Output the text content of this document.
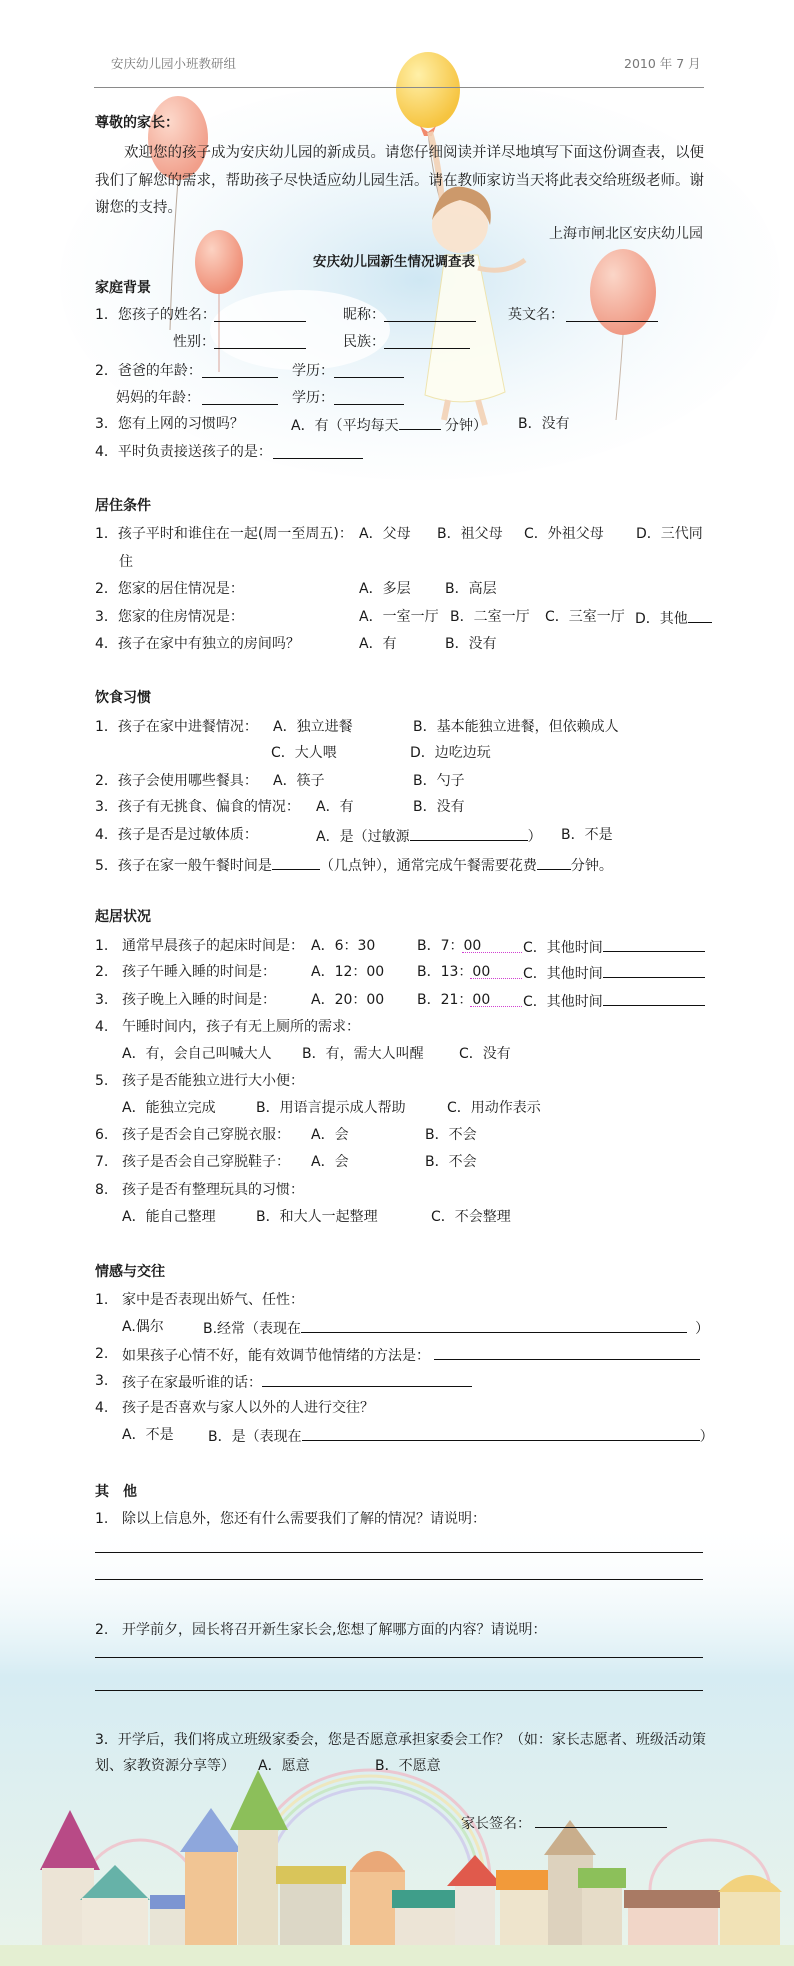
安庆幼儿园小班教研组	2010 年 7 月
尊敬的家长：
欢迎您的孩子成为安庆幼儿园的新成员。请您仔细阅读并详尽地填写下面这份调查表，以便我们了解您的需求，帮助孩子尽快适应幼儿园生活。请在教师家访当天将此表交给班级老师。谢谢您的支持。
上海市闸北区安庆幼儿园
安庆幼儿园新生情况调查表
家庭背景
1．您孩子的姓名：	昵称：	英文名：
性别：	民族：
2．爸爸的年龄：	学历：
妈妈的年龄：	学历：
3．您有上网的习惯吗？	A．有（平均每天	分钟） B．没有
4．平时负责接送孩子的是：
居住条件
1．孩子平时和谁住在一起(周一至周五)： A．父母 B．祖父母 C．外祖父母 D．三代同
住
2．您家的居住情况是：	A．多层 B．高层
3．您家的住房情况是：	A．一室一厅 B．二室一厅 C．三室一厅 D．其他
4．孩子在家中有独立的房间吗？	A．有	B．没有
饮食习惯
1．孩子在家中进餐情况： A．独立进餐	B．基本能独立进餐，但依赖成人
C．大人喂	D．边吃边玩
2．孩子会使用哪些餐具： A．筷子	B．勺子
3．孩子有无挑食、偏食的情况： A．有	B．没有
4．孩子是否是过敏体质：	A．是（过敏源	） B．不是
5．孩子在家一般午餐时间是	（几点钟），通常完成午餐需要花费 分钟。
起居状况
1. 通常早晨孩子的起床时间是： A．6：30	B．7：00	C．其他时间
2. 孩子午睡入睡的时间是：	A．12：00 B．13：00 C．其他时间
3. 孩子晚上入睡的时间是：	A．20：00 B．21：00 C．其他时间
4. 午睡时间内，孩子有无上厕所的需求：
A．有，会自己叫喊大人 B．有，需大人叫醒	C．没有
5. 孩子是否能独立进行大小便：
A．能独立完成	B．用语言提示成人帮助	C．用动作表示
6. 孩子是否会自己穿脱衣服： A．会	B．不会
7. 孩子是否会自己穿脱鞋子： A．会	B．不会
8. 孩子是否有整理玩具的习惯：
A．能自己整理	B．和大人一起整理	C．不会整理
情感与交往
1. 家中是否表现出娇气、任性：
A.偶尔	B.经常（表现在	）
2. 如果孩子心情不好，能有效调节他情绪的方法是：
3. 孩子在家最听谁的话：
4. 孩子是否喜欢与家人以外的人进行交往？
A．不是 B．是（表现在	）
其　他
1. 除以上信息外，您还有什么需要我们了解的情况？请说明：
2. 开学前夕，园长将召开新生家长会,您想了解哪方面的内容？请说明：
3．开学后，我们将成立班级家委会，您是否愿意承担家委会工作？（如：家长志愿者、班级活动策
划、家教资源分享等） A．愿意	B．不愿意
家长签名：
